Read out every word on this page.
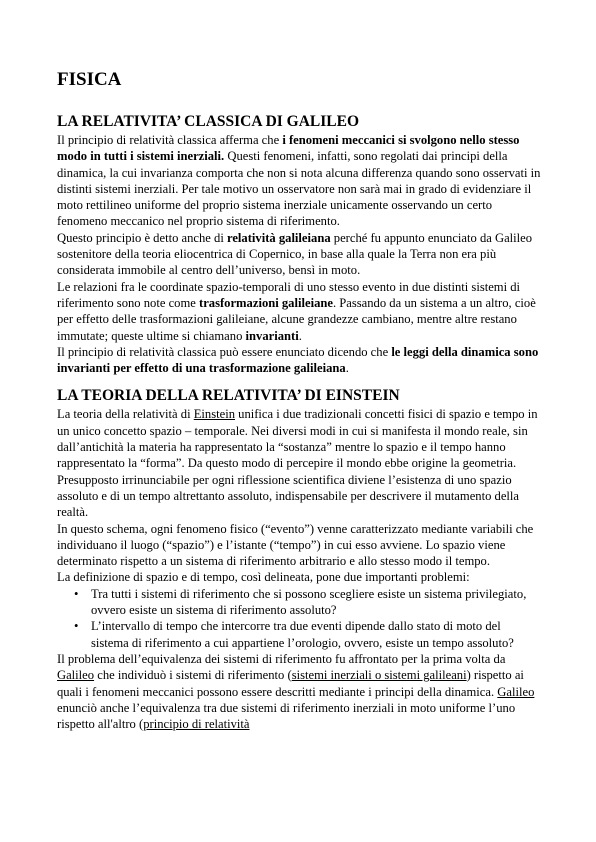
FISICA
LA RELATIVITA’ CLASSICA DI GALILEO

Il principio di relatività classica afferma che i fenomeni meccanici si svolgono nello stesso modo in tutti i sistemi inerziali. Questi fenomeni, infatti, sono regolati dai principi della dinamica, la cui invarianza comporta che non si nota alcuna differenza quando sono osservati in distinti sistemi inerziali. Per tale motivo un osservatore non sarà mai in grado di evidenziare il moto rettilineo uniforme del proprio sistema inerziale unicamente osservando un certo fenomeno meccanico nel proprio sistema di riferimento.

Questo principio è detto anche di relatività galileiana perché fu appunto enunciato da Galileo sostenitore della teoria eliocentrica di Copernico, in base alla quale la Terra non era più considerata immobile al centro dell’universo, bensì in moto.

Le relazioni fra le coordinate spazio-temporali di uno stesso evento in due distinti sistemi di riferimento sono note come trasformazioni galileiane. Passando da un sistema a un altro, cioè per effetto delle trasformazioni galileiane, alcune grandezze cambiano, mentre altre restano immutate; queste ultime si chiamano invarianti.

Il principio di relatività classica può essere enunciato dicendo che le leggi della dinamica sono invarianti per effetto di una trasformazione galileiana.

LA TEORIA DELLA RELATIVITA’ DI EINSTEIN

La teoria della relatività di Einstein unifica i due tradizionali concetti fisici di spazio e tempo in un unico concetto spazio – temporale. Nei diversi modi in cui si manifesta il mondo reale, sin dall’antichità la materia ha rappresentato la “sostanza” mentre lo spazio e il tempo hanno rappresentato la “forma”. Da questo modo di percepire il mondo ebbe origine la geometria. Presupposto irrinunciabile per ogni riflessione scientifica diviene l’esistenza di uno spazio assoluto e di un tempo altrettanto assoluto, indispensabile per descrivere il mutamento della realtà.

In questo schema, ogni fenomeno fisico (“evento”) venne caratterizzato mediante variabili che individuano il luogo (“spazio”) e l’istante (“tempo”) in cui esso avviene. Lo spazio viene determinato rispetto a un sistema di riferimento arbitrario e allo stesso modo il tempo.

La definizione di spazio e di tempo, così delineata, pone due importanti problemi:

• Tra tutti i sistemi di riferimento che si possono scegliere esiste un sistema privilegiato, ovvero esiste un sistema di riferimento assoluto?
• L’intervallo di tempo che intercorre tra due eventi dipende dallo stato di moto del sistema di riferimento a cui appartiene l’orologio, ovvero, esiste un tempo assoluto?

Il problema dell’equivalenza dei sistemi di riferimento fu affrontato per la prima volta da Galileo che individuò i sistemi di riferimento (sistemi inerziali o sistemi galileani) rispetto ai quali i fenomeni meccanici possono essere descritti mediante i principi della dinamica. Galileo enunciò anche l’equivalenza tra due sistemi di riferimento inerziali in moto uniforme l’uno rispetto all'altro (principio di relatività
